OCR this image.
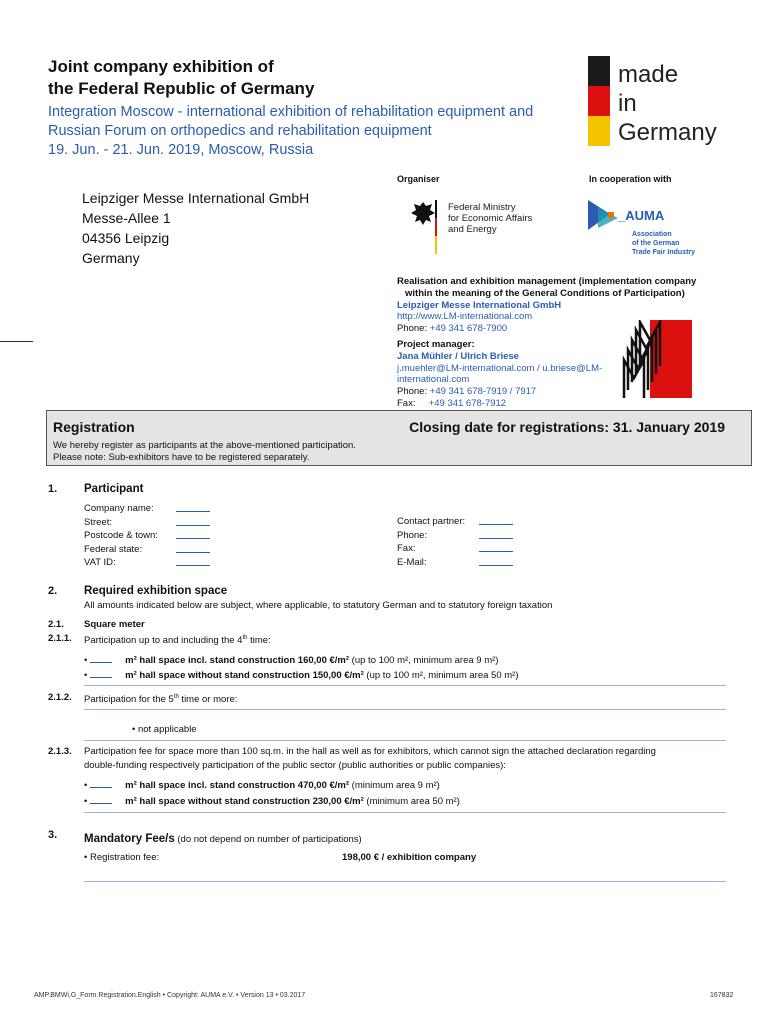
Joint company exhibition of
the Federal Republic of Germany
Integration Moscow - international exhibition of rehabilitation equipment and
Russian Forum on orthopedics and rehabilitation equipment
19. Jun. - 21. Jun. 2019, Moscow, Russia
made
in
Germany
Organiser	In cooperation with
Leipziger Messe International GmbH
Messe-Allee 1
04356 Leipzig
Germany
Federal Ministry
for Economic Affairs
and Energy
_AUMA
Association
of the German
Trade Fair Industry
Realisation and exhibition management (implementation company
within the meaning of the General Conditions of Participation)
Leipziger Messe International GmbH
http://www.LM-international.com
Phone: +49 341 678-7900
Project manager:
Jana Mühler / Ulrich Briese
j.muehler@LM-international.com / u.briese@LM-
international.com
Phone: +49 341 678-7919 / 7917
Fax: +49 341 678-7912
Registration	Closing date for registrations: 31. January 2019
We hereby register as participants at the above-mentioned participation.
Please note: Sub-exhibitors have to be registered separately.
1. Participant
Company name:
Street:
Postcode & town:
Federal state:
VAT ID:
Contact partner:
Phone:
Fax:
E-Mail:
2. Required exhibition space
All amounts indicated below are subject, where applicable, to statutory German and to statutory foreign taxation
2.1. Square meter
2.1.1. Participation up to and including the 4th time:
•	m² hall space incl. stand construction 160,00 €/m² (up to 100 m², minimum area 9 m²)
•	m² hall space without stand construction 150,00 €/m² (up to 100 m², minimum area 50 m²)
2.1.2. Participation for the 5th time or more:
• not applicable
2.1.3. Participation fee for space more than 100 sq.m. in the hall as well as for exhibitors, which cannot sign the attached declaration regarding
double-funding respectively participation of the public sector (public authorities or public companies):
•	m² hall space incl. stand construction 470,00 €/m² (minimum area 9 m²)
•	m² hall space without stand construction 230,00 €/m² (minimum area 50 m²)
3. Mandatory Fee/s (do not depend on number of participations)
• Registration fee:	198,00 € / exhibition company
AMP.BMWi.G_Form.Registration.English • Copyright: AUMA e.V. • Version 13 • 03.2017	167832
